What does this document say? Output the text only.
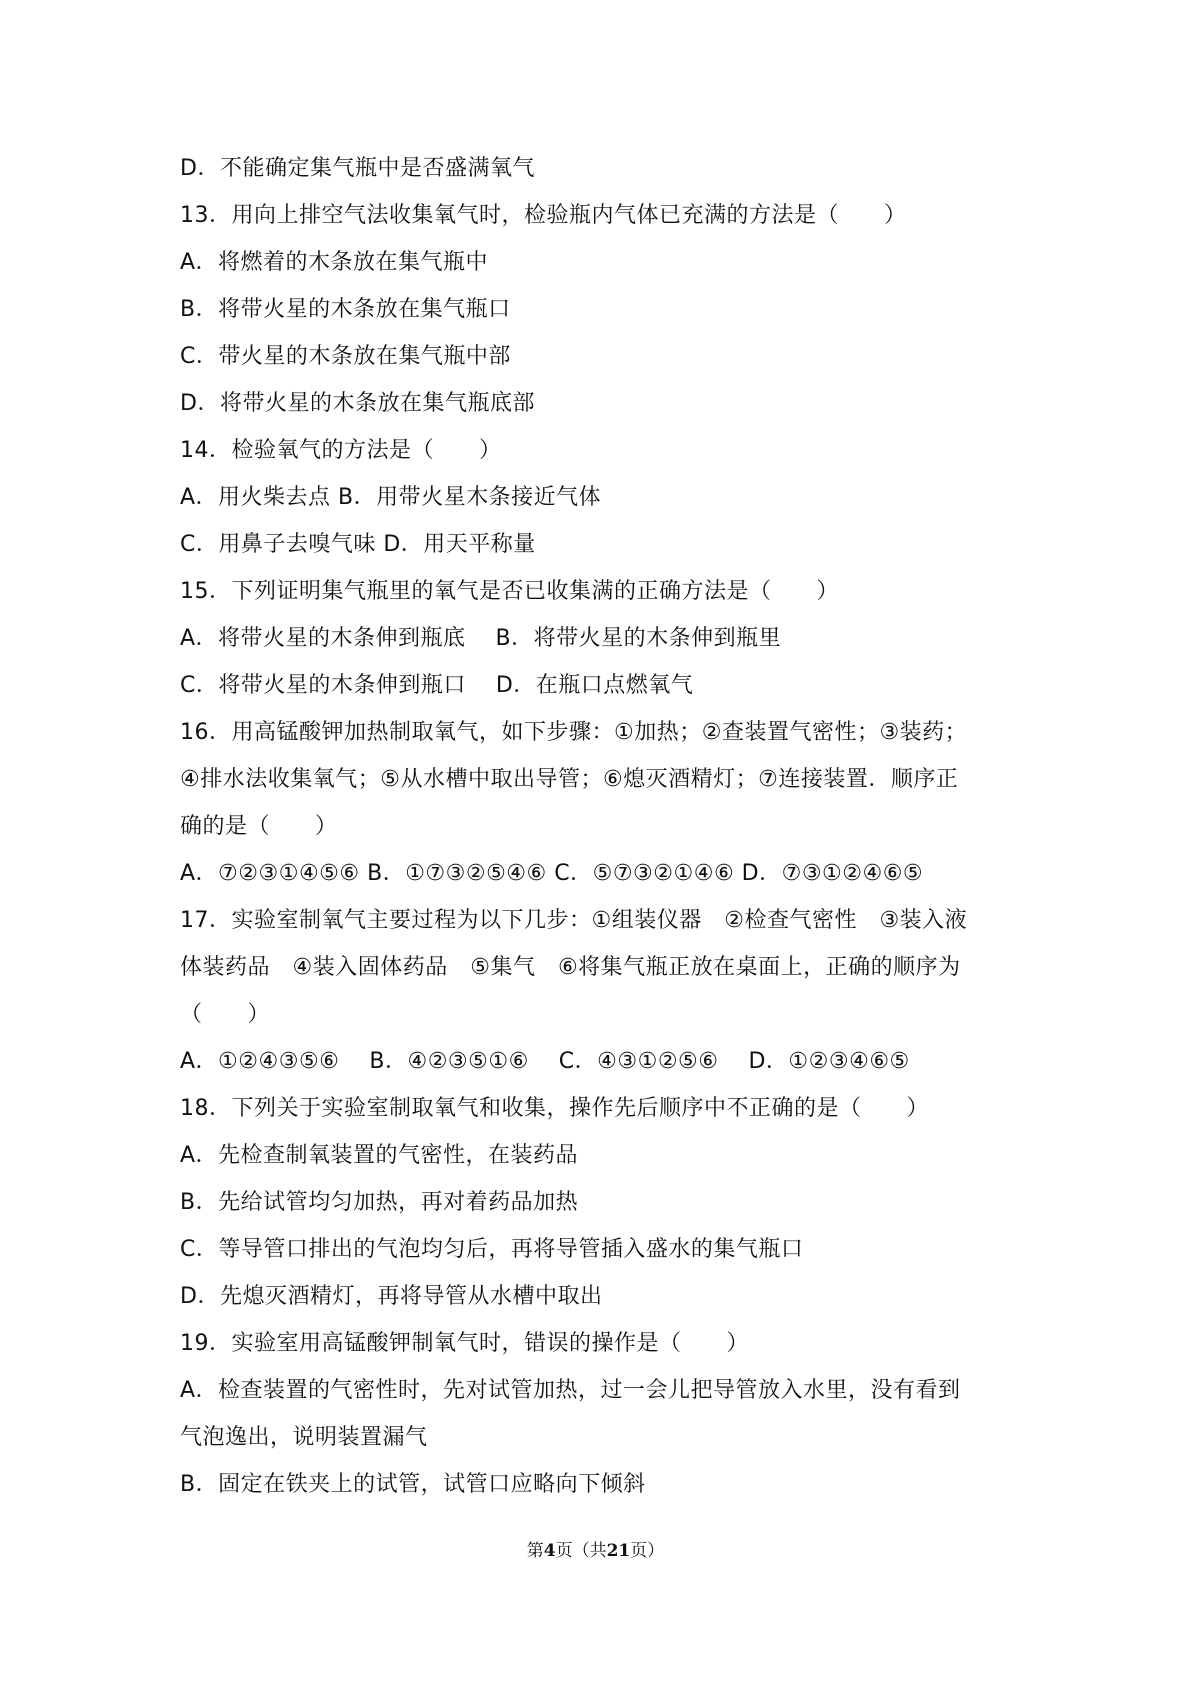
D．不能确定集气瓶中是否盛满氧气
13．用向上排空气法收集氧气时，检验瓶内气体已充满的方法是（　　）
A．将燃着的木条放在集气瓶中
B．将带火星的木条放在集气瓶口
C．带火星的木条放在集气瓶中部
D．将带火星的木条放在集气瓶底部
14．检验氧气的方法是（　　）
A．用火柴去点 B．用带火星木条接近气体
C．用鼻子去嗅气味 D．用天平称量
15．下列证明集气瓶里的氧气是否已收集满的正确方法是（　　）
A．将带火星的木条伸到瓶底　 B．将带火星的木条伸到瓶里
C．将带火星的木条伸到瓶口　 D．在瓶口点燃氧气
16．用高锰酸钾加热制取氧气，如下步骤：①加热；②查装置气密性；③装药；
④排水法收集氧气；⑤从水槽中取出导管；⑥熄灭酒精灯；⑦连接装置．顺序正
确的是（　　）
A．⑦②③①④⑤⑥ B．①⑦③②⑤④⑥ C．⑤⑦③②①④⑥ D．⑦③①②④⑥⑤
17．实验室制氧气主要过程为以下几步：①组装仪器　②检查气密性　③装入液
体装药品　④装入固体药品　⑤集气　⑥将集气瓶正放在桌面上，正确的顺序为
（　　）
A．①②④③⑤⑥　 B．④②③⑤①⑥　 C．④③①②⑤⑥　 D．①②③④⑥⑤
18．下列关于实验室制取氧气和收集，操作先后顺序中不正确的是（　　）
A．先检查制氧装置的气密性，在装药品
B．先给试管均匀加热，再对着药品加热
C．等导管口排出的气泡均匀后，再将导管插入盛水的集气瓶口
D．先熄灭酒精灯，再将导管从水槽中取出
19．实验室用高锰酸钾制氧气时，错误的操作是（　　）
A．检查装置的气密性时，先对试管加热，过一会儿把导管放入水里，没有看到
气泡逸出，说明装置漏气
B．固定在铁夹上的试管，试管口应略向下倾斜
第4页（共21页）
